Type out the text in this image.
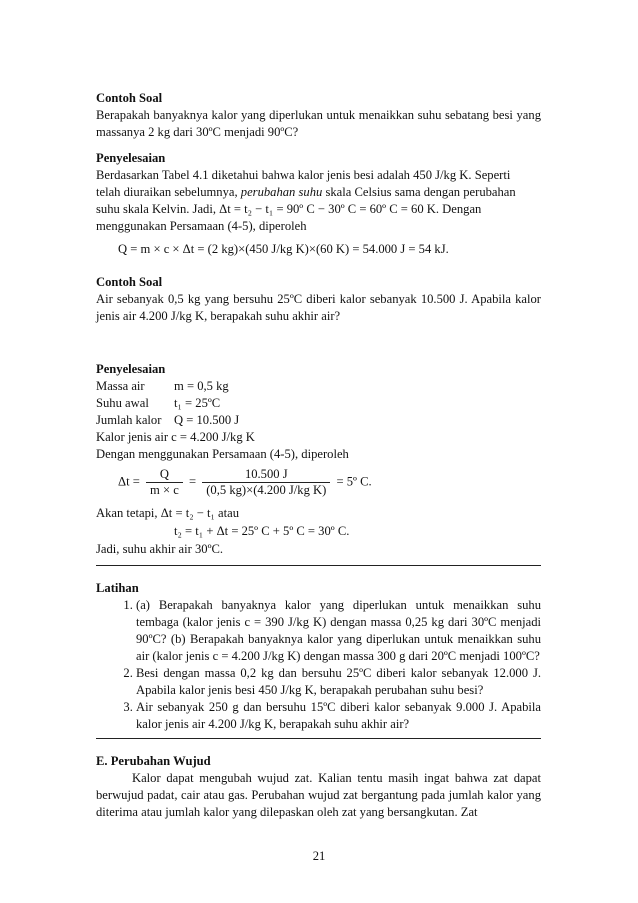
Contoh Soal
Berapakah banyaknya kalor yang diperlukan untuk menaikkan suhu sebatang besi yang massanya 2 kg dari 30ºC menjadi 90ºC?
Penyelesaian
Berdasarkan Tabel 4.1 diketahui bahwa kalor jenis besi adalah 450 J/kg K. Seperti
telah diuraikan sebelumnya, perubahan suhu skala Celsius sama dengan perubahan
suhu skala Kelvin. Jadi, Δt = t₂ − t₁ = 90º C − 30º C = 60º C = 60 K. Dengan
menggunakan Persamaan (4-5), diperoleh
Q = m × c × Δt = (2 kg)×(450 J/kg K)×(60 K) = 54.000 J = 54 kJ.
Contoh Soal
Air sebanyak 0,5 kg yang bersuhu 25ºC diberi kalor sebanyak 10.500 J. Apabila kalor jenis air 4.200 J/kg K, berapakah suhu akhir air?
Penyelesaian
Massa air	m = 0,5 kg
Suhu awal	t₁ = 25ºC
Jumlah kalor Q = 10.500 J
Kalor jenis air c = 4.200 J/kg K
Dengan menggunakan Persamaan (4-5), diperoleh
$\Delta t = \frac{Q}{m \times c} = \frac{10.500 J}{\text{(0,5 kg)×(4.200 J/kg K)}}$ = 5º C.
Akan tetapi, Δt = t₂ − t₁ atau
t₂ = t₁ + Δt = 25º C + 5º C = 30º C.
Jadi, suhu akhir air 30ºC.
Latihan
1. (a) Berapakah banyaknya kalor yang diperlukan untuk menaikkan suhu tembaga (kalor jenis c = 390 J/kg K) dengan massa 0,25 kg dari 30ºC menjadi 90ºC? (b) Berapakah banyaknya kalor yang diperlukan untuk menaikkan suhu air (kalor jenis c = 4.200 J/kg K) dengan massa 300 g dari 20ºC menjadi 100ºC?
2. Besi dengan massa 0,2 kg dan bersuhu 25ºC diberi kalor sebanyak 12.000 J. Apabila kalor jenis besi 450 J/kg K, berapakah perubahan suhu besi?
3. Air sebanyak 250 g dan bersuhu 15ºC diberi kalor sebanyak 9.000 J. Apabila kalor jenis air 4.200 J/kg K, berapakah suhu akhir air?
E. Perubahan Wujud
Kalor dapat mengubah wujud zat. Kalian tentu masih ingat bahwa zat dapat berwujud padat, cair atau gas. Perubahan wujud zat bergantung pada jumlah kalor yang diterima atau jumlah kalor yang dilepaskan oleh zat yang bersangkutan. Zat
21
